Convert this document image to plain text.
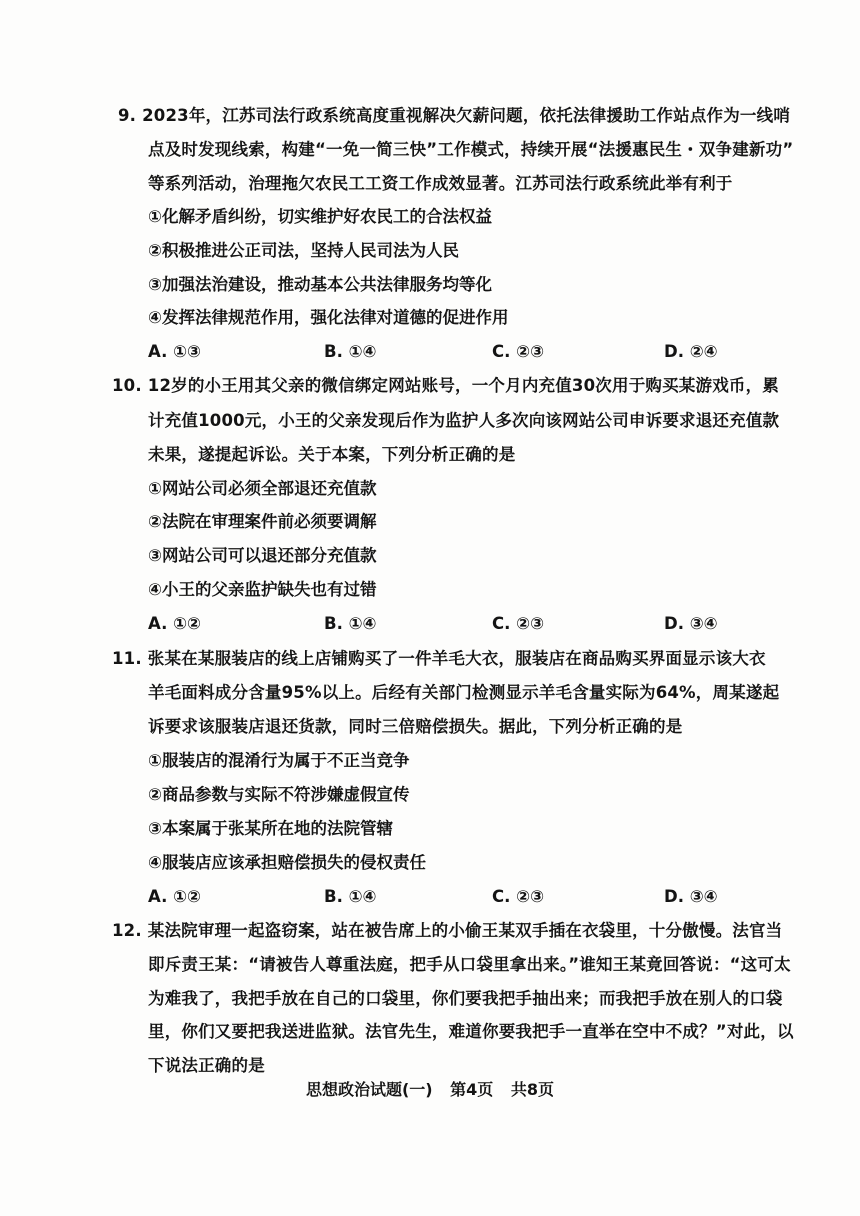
9. 2023年，江苏司法行政系统高度重视解决欠薪问题，依托法律援助工作站点作为一线哨
点及时发现线索，构建“一免一简三快”工作模式，持续开展“法援惠民生・双争建新功”
等系列活动，治理拖欠农民工工资工作成效显著。江苏司法行政系统此举有利于
①化解矛盾纠纷，切实维护好农民工的合法权益
②积极推进公正司法，坚持人民司法为人民
③加强法治建设，推动基本公共法律服务均等化
④发挥法律规范作用，强化法律对道德的促进作用
A. ①③	B. ①④	C. ②③	D. ②④
10. 12岁的小王用其父亲的微信绑定网站账号，一个月内充值30次用于购买某游戏币，累
计充值1000元，小王的父亲发现后作为监护人多次向该网站公司申诉要求退还充值款
未果，遂提起诉讼。关于本案，下列分析正确的是
①网站公司必须全部退还充值款
②法院在审理案件前必须要调解
③网站公司可以退还部分充值款
④小王的父亲监护缺失也有过错
A. ①②	B. ①④	C. ②③	D. ③④
11. 张某在某服装店的线上店铺购买了一件羊毛大衣，服装店在商品购买界面显示该大衣
羊毛面料成分含量95%以上。后经有关部门检测显示羊毛含量实际为64%，周某遂起
诉要求该服装店退还货款，同时三倍赔偿损失。据此，下列分析正确的是
①服装店的混淆行为属于不正当竞争
②商品参数与实际不符涉嫌虚假宣传
③本案属于张某所在地的法院管辖
④服装店应该承担赔偿损失的侵权责任
A. ①②	B. ①④	C. ②③	D. ③④
12. 某法院审理一起盗窃案，站在被告席上的小偷王某双手插在衣袋里，十分傲慢。法官当
即斥责王某：“请被告人尊重法庭，把手从口袋里拿出来。”谁知王某竟回答说：“这可太
为难我了，我把手放在自己的口袋里，你们要我把手抽出来；而我把手放在别人的口袋
里，你们又要把我送进监狱。法官先生，难道你要我把手一直举在空中不成？”对此，以
下说法正确的是
思想政治试题(一) 第4页 共8页
